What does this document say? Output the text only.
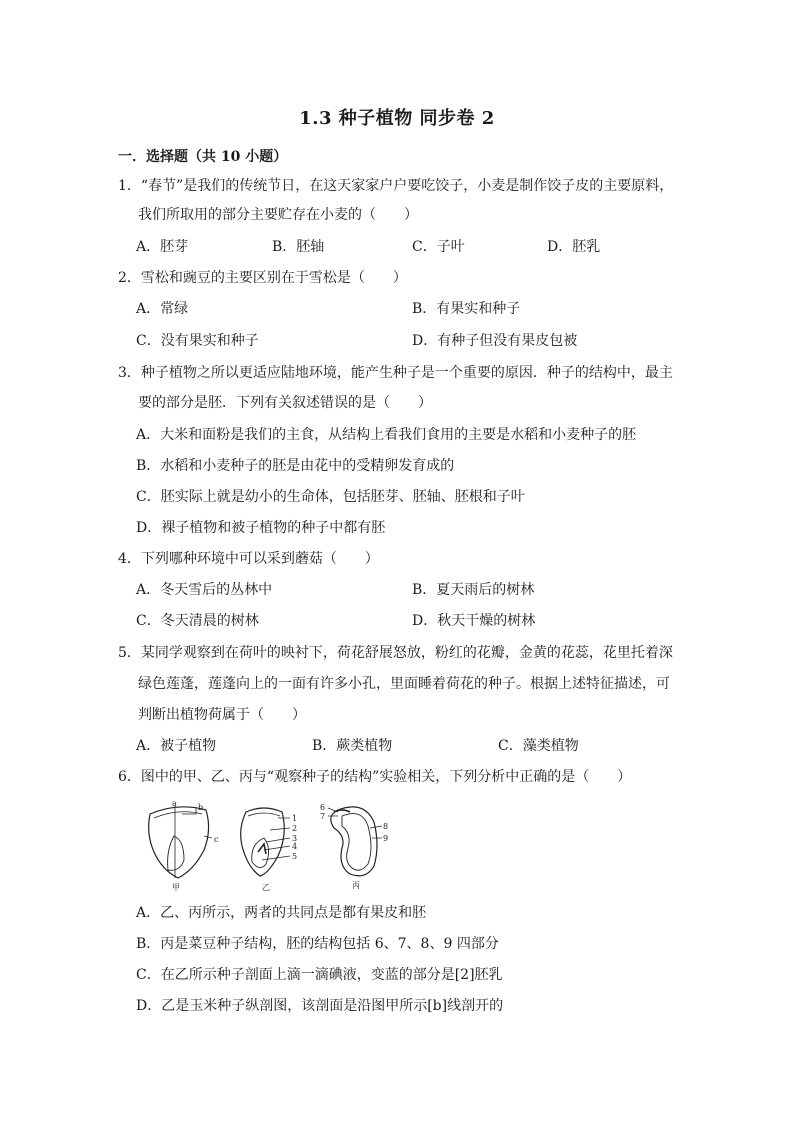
1.3 种子植物 同步卷 2
一．选择题（共 10 小题）
1．“春节”是我们的传统节日，在这天家家户户要吃饺子，小麦是制作饺子皮的主要原料，
我们所取用的部分主要贮存在小麦的（　　）
A．胚芽	B．胚轴	C．子叶	D．胚乳
2．雪松和豌豆的主要区别在于雪松是（　　）
A．常绿	B．有果实和种子
C．没有果实和种子	D．有种子但没有果皮包被
3．种子植物之所以更适应陆地环境，能产生种子是一个重要的原因．种子的结构中，最主
要的部分是胚．下列有关叙述错误的是（　　）
A．大米和面粉是我们的主食，从结构上看我们食用的主要是水稻和小麦种子的胚
B．水稻和小麦种子的胚是由花中的受精卵发育成的
C．胚实际上就是幼小的生命体，包括胚芽、胚轴、胚根和子叶
D．裸子植物和被子植物的种子中都有胚
4．下列哪种环境中可以采到蘑菇（　　）
A．冬天雪后的丛林中	B．夏天雨后的树林
C．冬天清晨的树林	D．秋天干燥的树林
5．某同学观察到在荷叶的映衬下，荷花舒展怒放，粉红的花瓣，金黄的花蕊，花里托着深
绿色莲蓬，莲蓬向上的一面有许多小孔，里面睡着荷花的种子。根据上述特征描述，可
判断出植物荷属于（　　）
A．被子植物	B．蕨类植物	C．藻类植物
6．图中的甲、乙、丙与“观察种子的结构”实验相关，下列分析中正确的是（　　）
a	b
c
甲
1
2
3
4
5
乙
6
7
8
9
丙
A．乙、丙所示，两者的共同点是都有果皮和胚
B．丙是菜豆种子结构，胚的结构包括 6、7、8、9 四部分
C．在乙所示种子剖面上滴一滴碘液，变蓝的部分是[2]胚乳
D．乙是玉米种子纵剖图，该剖面是沿图甲所示[b]线剖开的
